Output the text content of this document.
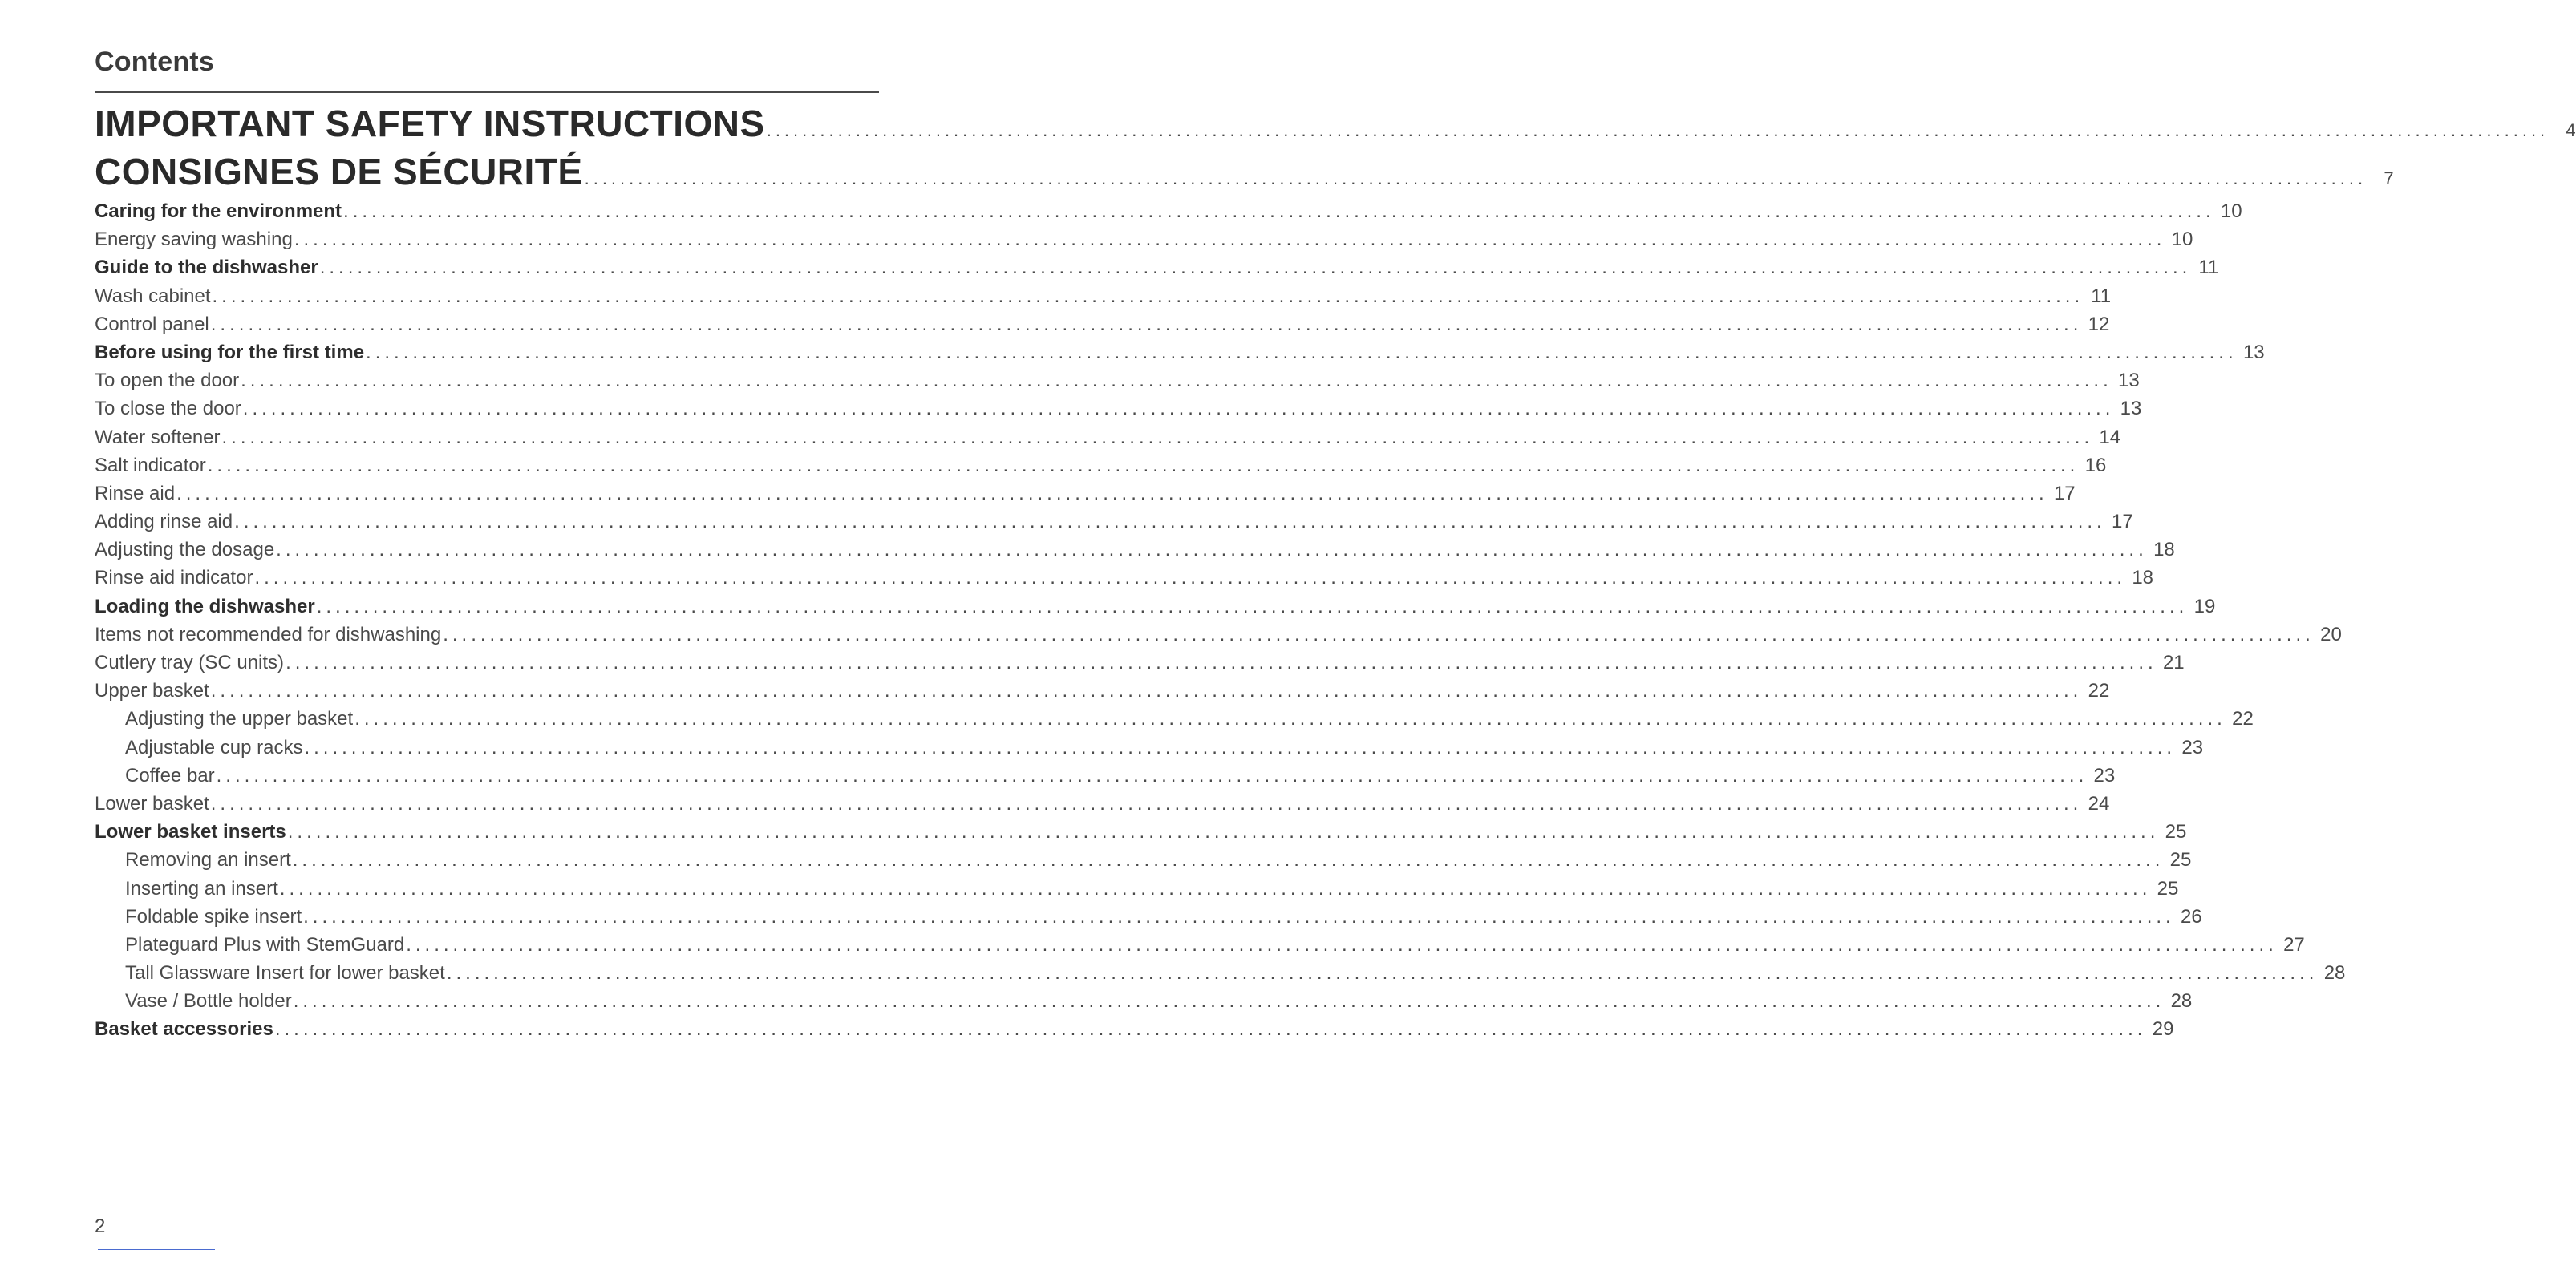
Contents
IMPORTANT SAFETY INSTRUCTIONS ........................................................................................................................................................................................................ 4
CONSIGNES DE SÉCURITÉ ........................................................................................................................................................................................................ 7
Caring for the environment ........................................................................................................................................................................................................ 10
Energy saving washing ........................................................................................................................................................................................................ 10
Guide to the dishwasher ........................................................................................................................................................................................................ 11
Wash cabinet ........................................................................................................................................................................................................ 11
Control panel ........................................................................................................................................................................................................ 12
Before using for the first time ........................................................................................................................................................................................................ 13
To open the door ........................................................................................................................................................................................................ 13
To close the door ........................................................................................................................................................................................................ 13
Water softener ........................................................................................................................................................................................................ 14
Salt indicator ........................................................................................................................................................................................................ 16
Rinse aid ........................................................................................................................................................................................................ 17
Adding rinse aid ........................................................................................................................................................................................................ 17
Adjusting the dosage ........................................................................................................................................................................................................ 18
Rinse aid indicator ........................................................................................................................................................................................................ 18
Loading the dishwasher ........................................................................................................................................................................................................ 19
Items not recommended for dishwashing ........................................................................................................................................................................................................ 20
Cutlery tray (SC units) ........................................................................................................................................................................................................ 21
Upper basket ........................................................................................................................................................................................................ 22
Adjusting the upper basket ........................................................................................................................................................................................................ 22
Adjustable cup racks ........................................................................................................................................................................................................ 23
Coffee bar ........................................................................................................................................................................................................ 23
Lower basket ........................................................................................................................................................................................................ 24
Lower basket inserts ........................................................................................................................................................................................................ 25
Removing an insert ........................................................................................................................................................................................................ 25
Inserting an insert ........................................................................................................................................................................................................ 25
Foldable spike insert ........................................................................................................................................................................................................ 26
Plateguard Plus with StemGuard ........................................................................................................................................................................................................ 27
Tall Glassware Insert for lower basket ........................................................................................................................................................................................................ 28
Vase / Bottle holder ........................................................................................................................................................................................................ 28
Basket accessories ........................................................................................................................................................................................................ 29
2
